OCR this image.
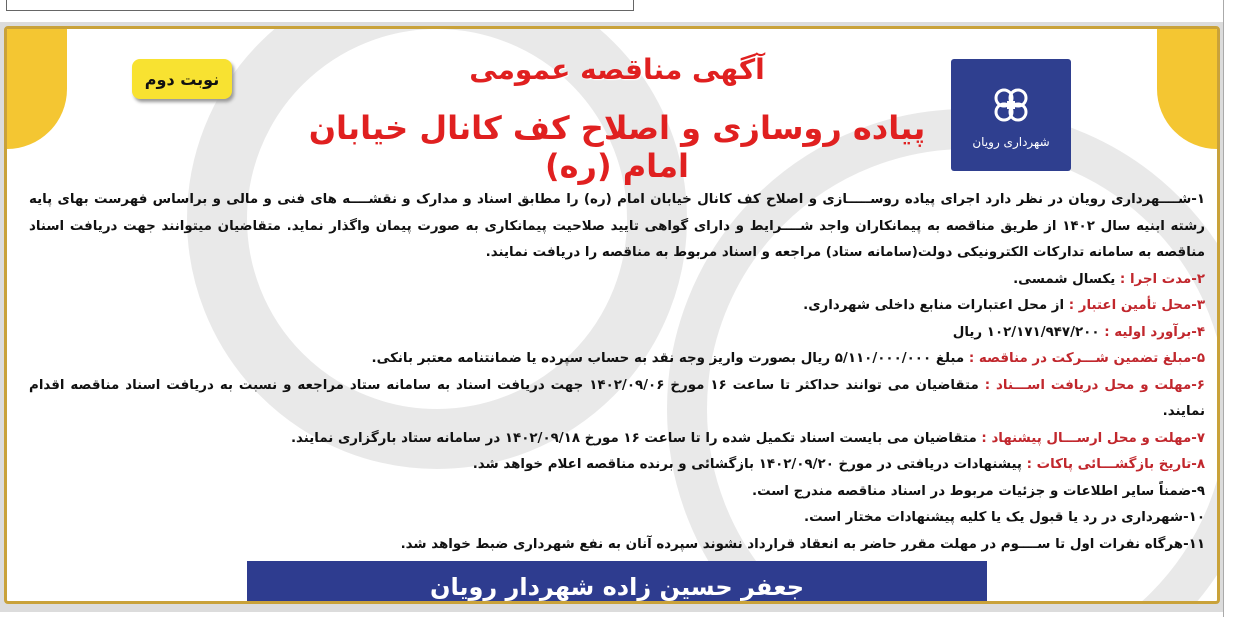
نوبت دوم	آگهی مناقصه عمومی
پیاده روسازی و اصلاح کف کانال خیابان امام (ره)
شهرداری رویان

۱-شــــهرداری رویان در نظر دارد اجرای پیاده روســـــازی و اصلاح کف کانال خیابان امام (ره) را مطابق اسناد و مدارک و نقشــــه های فنی و مالی و براساس فهرست بهای پایه رشته ابنیه سال ۱۴۰۲ از طریق مناقصه به پیمانکاران واجد شــــرایط و دارای گواهی تایید صلاحیت پیمانکاری به صورت پیمان واگذار نماید. متقاضیان میتوانند جهت دریافت اسناد مناقصه به سامانه تدارکات الکترونیکی دولت(سامانه ستاد) مراجعه و اسناد مربوط به مناقصه را دریافت نمایند.

۲-مدت اجرا : یکسال شمسی.

۳-محل تأمین اعتبار : از محل اعتبارات منابع داخلی شهرداری.

۴-برآورد اولیه : ۱۰۲/۱۷۱/۹۴۷/۲۰۰ ریال

۵-مبلغ تضمین شـــرکت در مناقصه : مبلغ ۵/۱۱۰/۰۰۰/۰۰۰ ریال بصورت واریز وجه نقد به حساب سپرده یا ضمانتنامه معتبر بانکی.

۶-مهلت و محل دریافت اســـناد : متقاضیان می توانند حداکثر تا ساعت ۱۶ مورخ ۱۴۰۲/۰۹/۰۶ جهت دریافت اسناد به سامانه ستاد مراجعه و نسبت به دریافت اسناد مناقصه اقدام نمایند.

۷-مهلت و محل ارســـال پیشنهاد : متقاضیان می بایست اسناد تکمیل شده را تا ساعت ۱۶ مورخ ۱۴۰۲/۰۹/۱۸ در سامانه ستاد بارگزاری نمایند.

۸-تاریخ بازگشـــائی پاکات : پیشنهادات دریافتی در مورخ ۱۴۰۲/۰۹/۲۰ بازگشائی و برنده مناقصه اعلام خواهد شد.

۹-ضمناً سایر اطلاعات و جزئیات مربوط در اسناد مناقصه مندرج است.

۱۰-شهرداری در رد یا قبول یک یا کلیه پیشنهادات مختار است.

۱۱-هرگاه نفرات اول تا ســــوم در مهلت مقرر حاضر به انعقاد قرارداد نشوند سپرده آنان به نفع شهرداری ضبط خواهد شد.

جعفر حسین زاده شهردار رویان
